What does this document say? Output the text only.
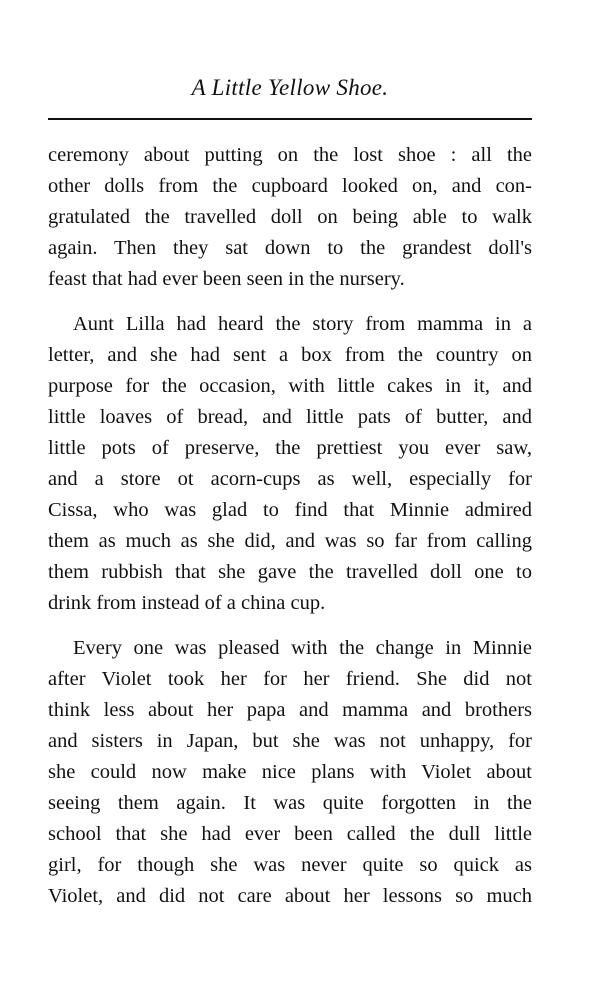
A Little Yellow Shoe.
ceremony about putting on the lost shoe : all the
other dolls from the cupboard looked on, and con-
gratulated the travelled doll on being able to walk
again. Then they sat down to the grandest doll's
feast that had ever been seen in the nursery.
Aunt Lilla had heard the story from mamma in a
letter, and she had sent a box from the country on
purpose for the occasion, with little cakes in it, and
little loaves of bread, and little pats of butter, and
little pots of preserve, the prettiest you ever saw,
and a store ot acorn-cups as well, especially for
Cissa, who was glad to find that Minnie admired
them as much as she did, and was so far from calling
them rubbish that she gave the travelled doll one to
drink from instead of a china cup.
Every one was pleased with the change in Minnie
after Violet took her for her friend. She did not
think less about her papa and mamma and brothers
and sisters in Japan, but she was not unhappy, for
she could now make nice plans with Violet about
seeing them again. It was quite forgotten in the
school that she had ever been called the dull little
girl, for though she was never quite so quick as
Violet, and did not care about her lessons so much
